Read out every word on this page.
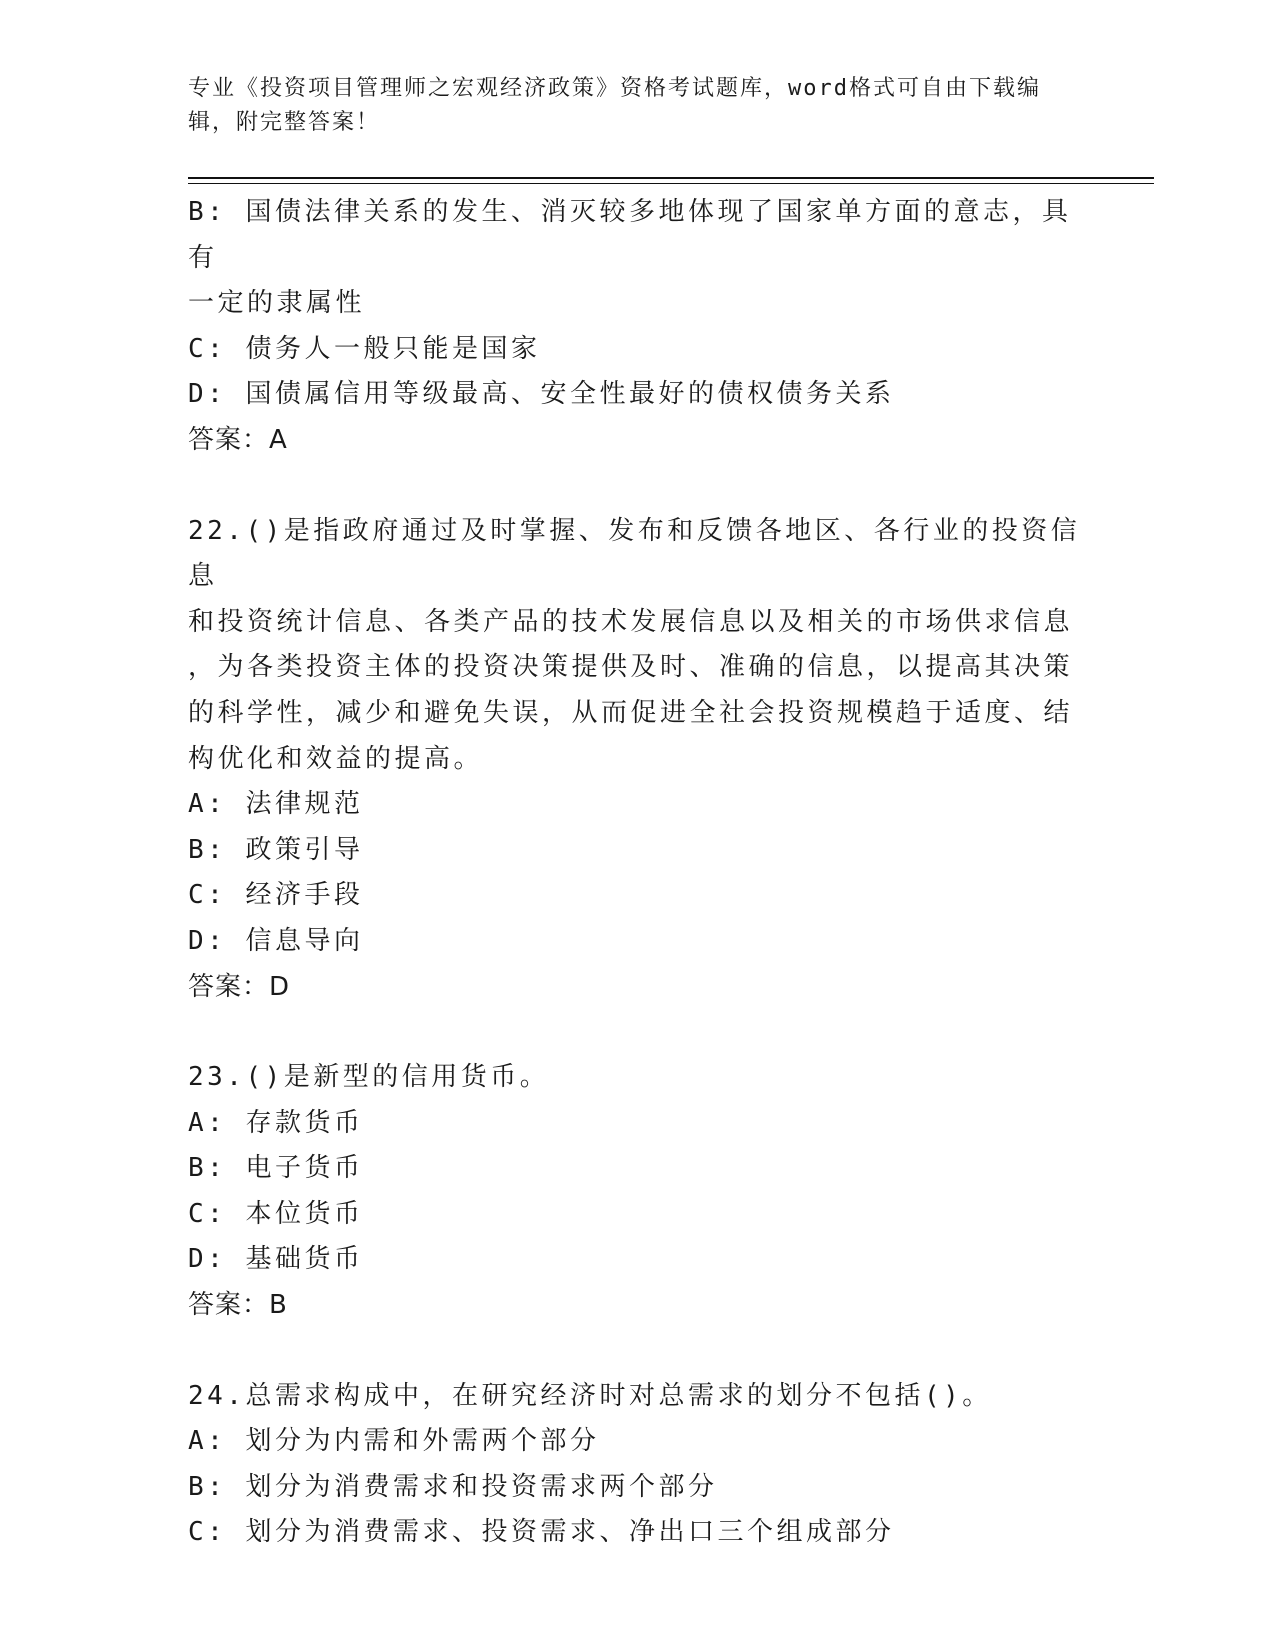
专业《投资项目管理师之宏观经济政策》资格考试题库，word格式可自由下载编
辑，附完整答案！
B: 国债法律关系的发生、消灭较多地体现了国家单方面的意志，具有
一定的隶属性
C: 债务人一般只能是国家
D: 国债属信用等级最高、安全性最好的债权债务关系
答案：A
22.()是指政府通过及时掌握、发布和反馈各地区、各行业的投资信息
和投资统计信息、各类产品的技术发展信息以及相关的市场供求信息
，为各类投资主体的投资决策提供及时、准确的信息，以提高其决策
的科学性，减少和避免失误，从而促进全社会投资规模趋于适度、结
构优化和效益的提高。
A: 法律规范
B: 政策引导
C: 经济手段
D: 信息导向
答案：D
23.()是新型的信用货币。
A: 存款货币
B: 电子货币
C: 本位货币
D: 基础货币
答案：B
24.总需求构成中，在研究经济时对总需求的划分不包括()。
A: 划分为内需和外需两个部分
B: 划分为消费需求和投资需求两个部分
C: 划分为消费需求、投资需求、净出口三个组成部分
